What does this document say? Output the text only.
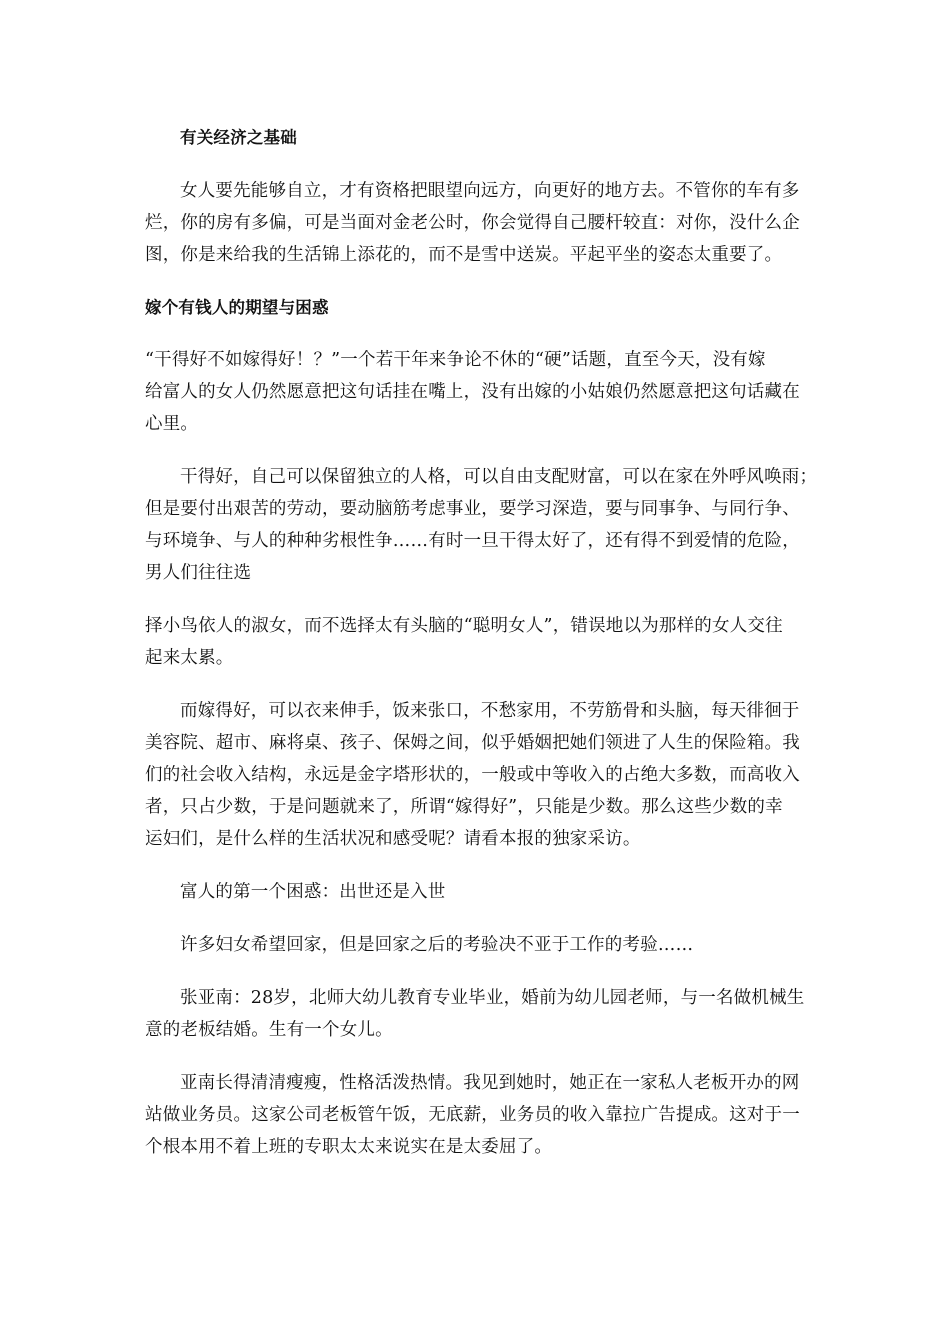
有关经济之基础
女人要先能够自立，才有资格把眼望向远方，向更好的地方去。不管你的车有多
烂，你的房有多偏，可是当面对金老公时，你会觉得自己腰杆较直：对你，没什么企
图，你是来给我的生活锦上添花的，而不是雪中送炭。平起平坐的姿态太重要了。
嫁个有钱人的期望与困惑
“干得好不如嫁得好！？”一个若干年来争论不休的“硬”话题，直至今天，没有嫁
给富人的女人仍然愿意把这句话挂在嘴上，没有出嫁的小姑娘仍然愿意把这句话藏在
心里。
干得好，自己可以保留独立的人格，可以自由支配财富，可以在家在外呼风唤雨；
但是要付出艰苦的劳动，要动脑筋考虑事业，要学习深造，要与同事争、与同行争、
与环境争、与人的种种劣根性争……有时一旦干得太好了，还有得不到爱情的危险，
男人们往往选
择小鸟依人的淑女，而不选择太有头脑的“聪明女人”，错误地以为那样的女人交往
起来太累。
而嫁得好，可以衣来伸手，饭来张口，不愁家用，不劳筋骨和头脑，每天徘徊于
美容院、超市、麻将桌、孩子、保姆之间，似乎婚姻把她们领进了人生的保险箱。我
们的社会收入结构，永远是金字塔形状的，一般或中等收入的占绝大多数，而高收入
者，只占少数，于是问题就来了，所谓“嫁得好”，只能是少数。那么这些少数的幸
运妇们，是什么样的生活状况和感受呢？请看本报的独家采访。
富人的第一个困惑：出世还是入世
许多妇女希望回家，但是回家之后的考验决不亚于工作的考验……
张亚南：28岁，北师大幼儿教育专业毕业，婚前为幼儿园老师，与一名做机械生
意的老板结婚。生有一个女儿。
亚南长得清清瘦瘦，性格活泼热情。我见到她时，她正在一家私人老板开办的网
站做业务员。这家公司老板管午饭，无底薪，业务员的收入靠拉广告提成。这对于一
个根本用不着上班的专职太太来说实在是太委屈了。
